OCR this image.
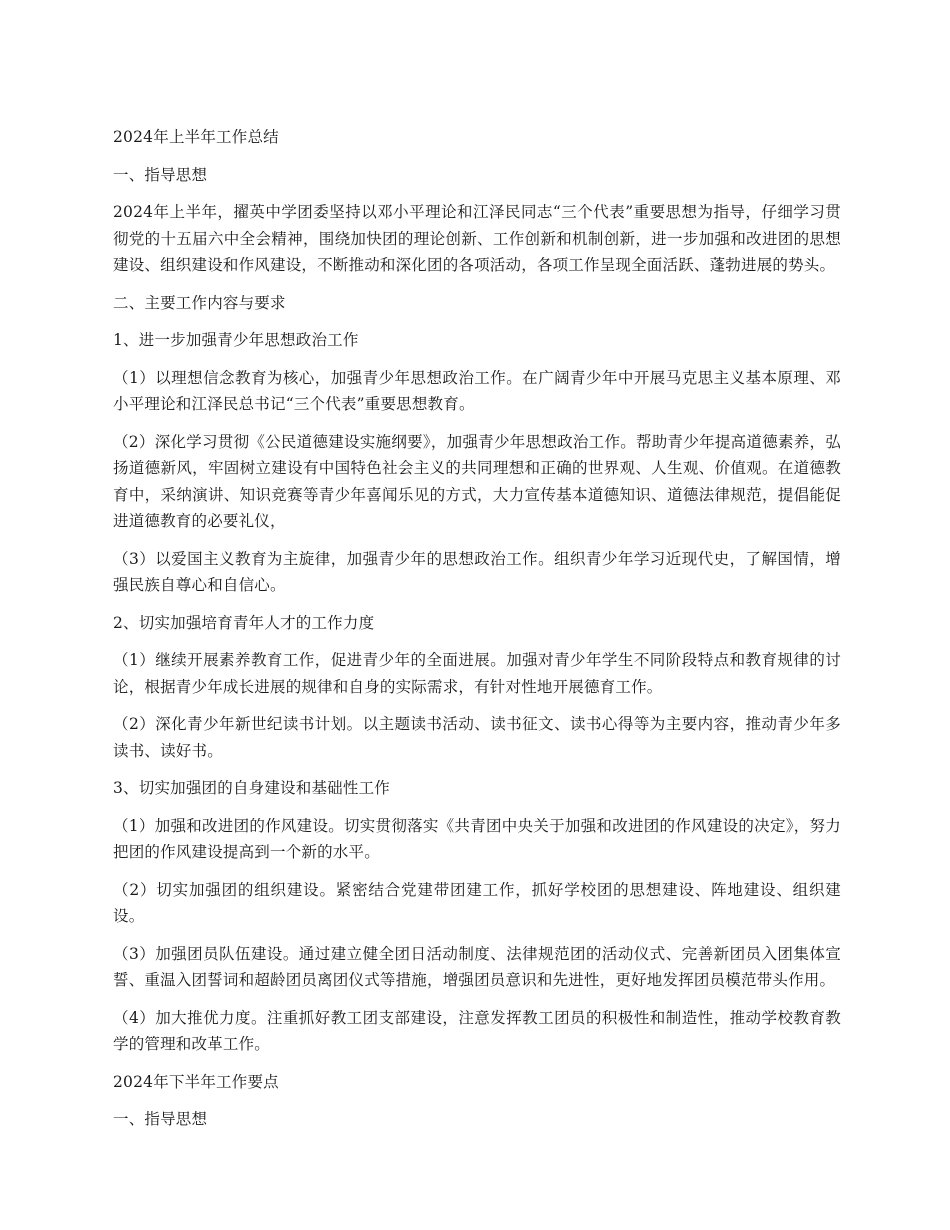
2024年上半年工作总结

一、指导思想

2024年上半年，擢英中学团委坚持以邓小平理论和江泽民同志“三个代表”重要思想为指导，仔细学习贯彻党的十五届六中全会精神，围绕加快团的理论创新、工作创新和机制创新，进一步加强和改进团的思想建设、组织建设和作风建设，不断推动和深化团的各项活动，各项工作呈现全面活跃、蓬勃进展的势头。

二、主要工作内容与要求

1、进一步加强青少年思想政治工作

（1）以理想信念教育为核心，加强青少年思想政治工作。在广阔青少年中开展马克思主义基本原理、邓小平理论和江泽民总书记“三个代表”重要思想教育。

（2）深化学习贯彻《公民道德建设实施纲要》，加强青少年思想政治工作。帮助青少年提高道德素养，弘扬道德新风，牢固树立建设有中国特色社会主义的共同理想和正确的世界观、人生观、价值观。在道德教育中，采纳演讲、知识竞赛等青少年喜闻乐见的方式，大力宣传基本道德知识、道德法律规范，提倡能促进道德教育的必要礼仪，

（3）以爱国主义教育为主旋律，加强青少年的思想政治工作。组织青少年学习近现代史，了解国情，增强民族自尊心和自信心。

2、切实加强培育青年人才的工作力度

（1）继续开展素养教育工作，促进青少年的全面进展。加强对青少年学生不同阶段特点和教育规律的讨论，根据青少年成长进展的规律和自身的实际需求，有针对性地开展德育工作。

（2）深化青少年新世纪读书计划。以主题读书活动、读书征文、读书心得等为主要内容，推动青少年多读书、读好书。

3、切实加强团的自身建设和基础性工作

（1）加强和改进团的作风建设。切实贯彻落实《共青团中央关于加强和改进团的作风建设的决定》，努力把团的作风建设提高到一个新的水平。

（2）切实加强团的组织建设。紧密结合党建带团建工作，抓好学校团的思想建设、阵地建设、组织建设。

（3）加强团员队伍建设。通过建立健全团日活动制度、法律规范团的活动仪式、完善新团员入团集体宣誓、重温入团誓词和超龄团员离团仪式等措施，增强团员意识和先进性，更好地发挥团员模范带头作用。

（4）加大推优力度。注重抓好教工团支部建设，注意发挥教工团员的积极性和制造性，推动学校教育教学的管理和改革工作。

2024年下半年工作要点

一、指导思想
